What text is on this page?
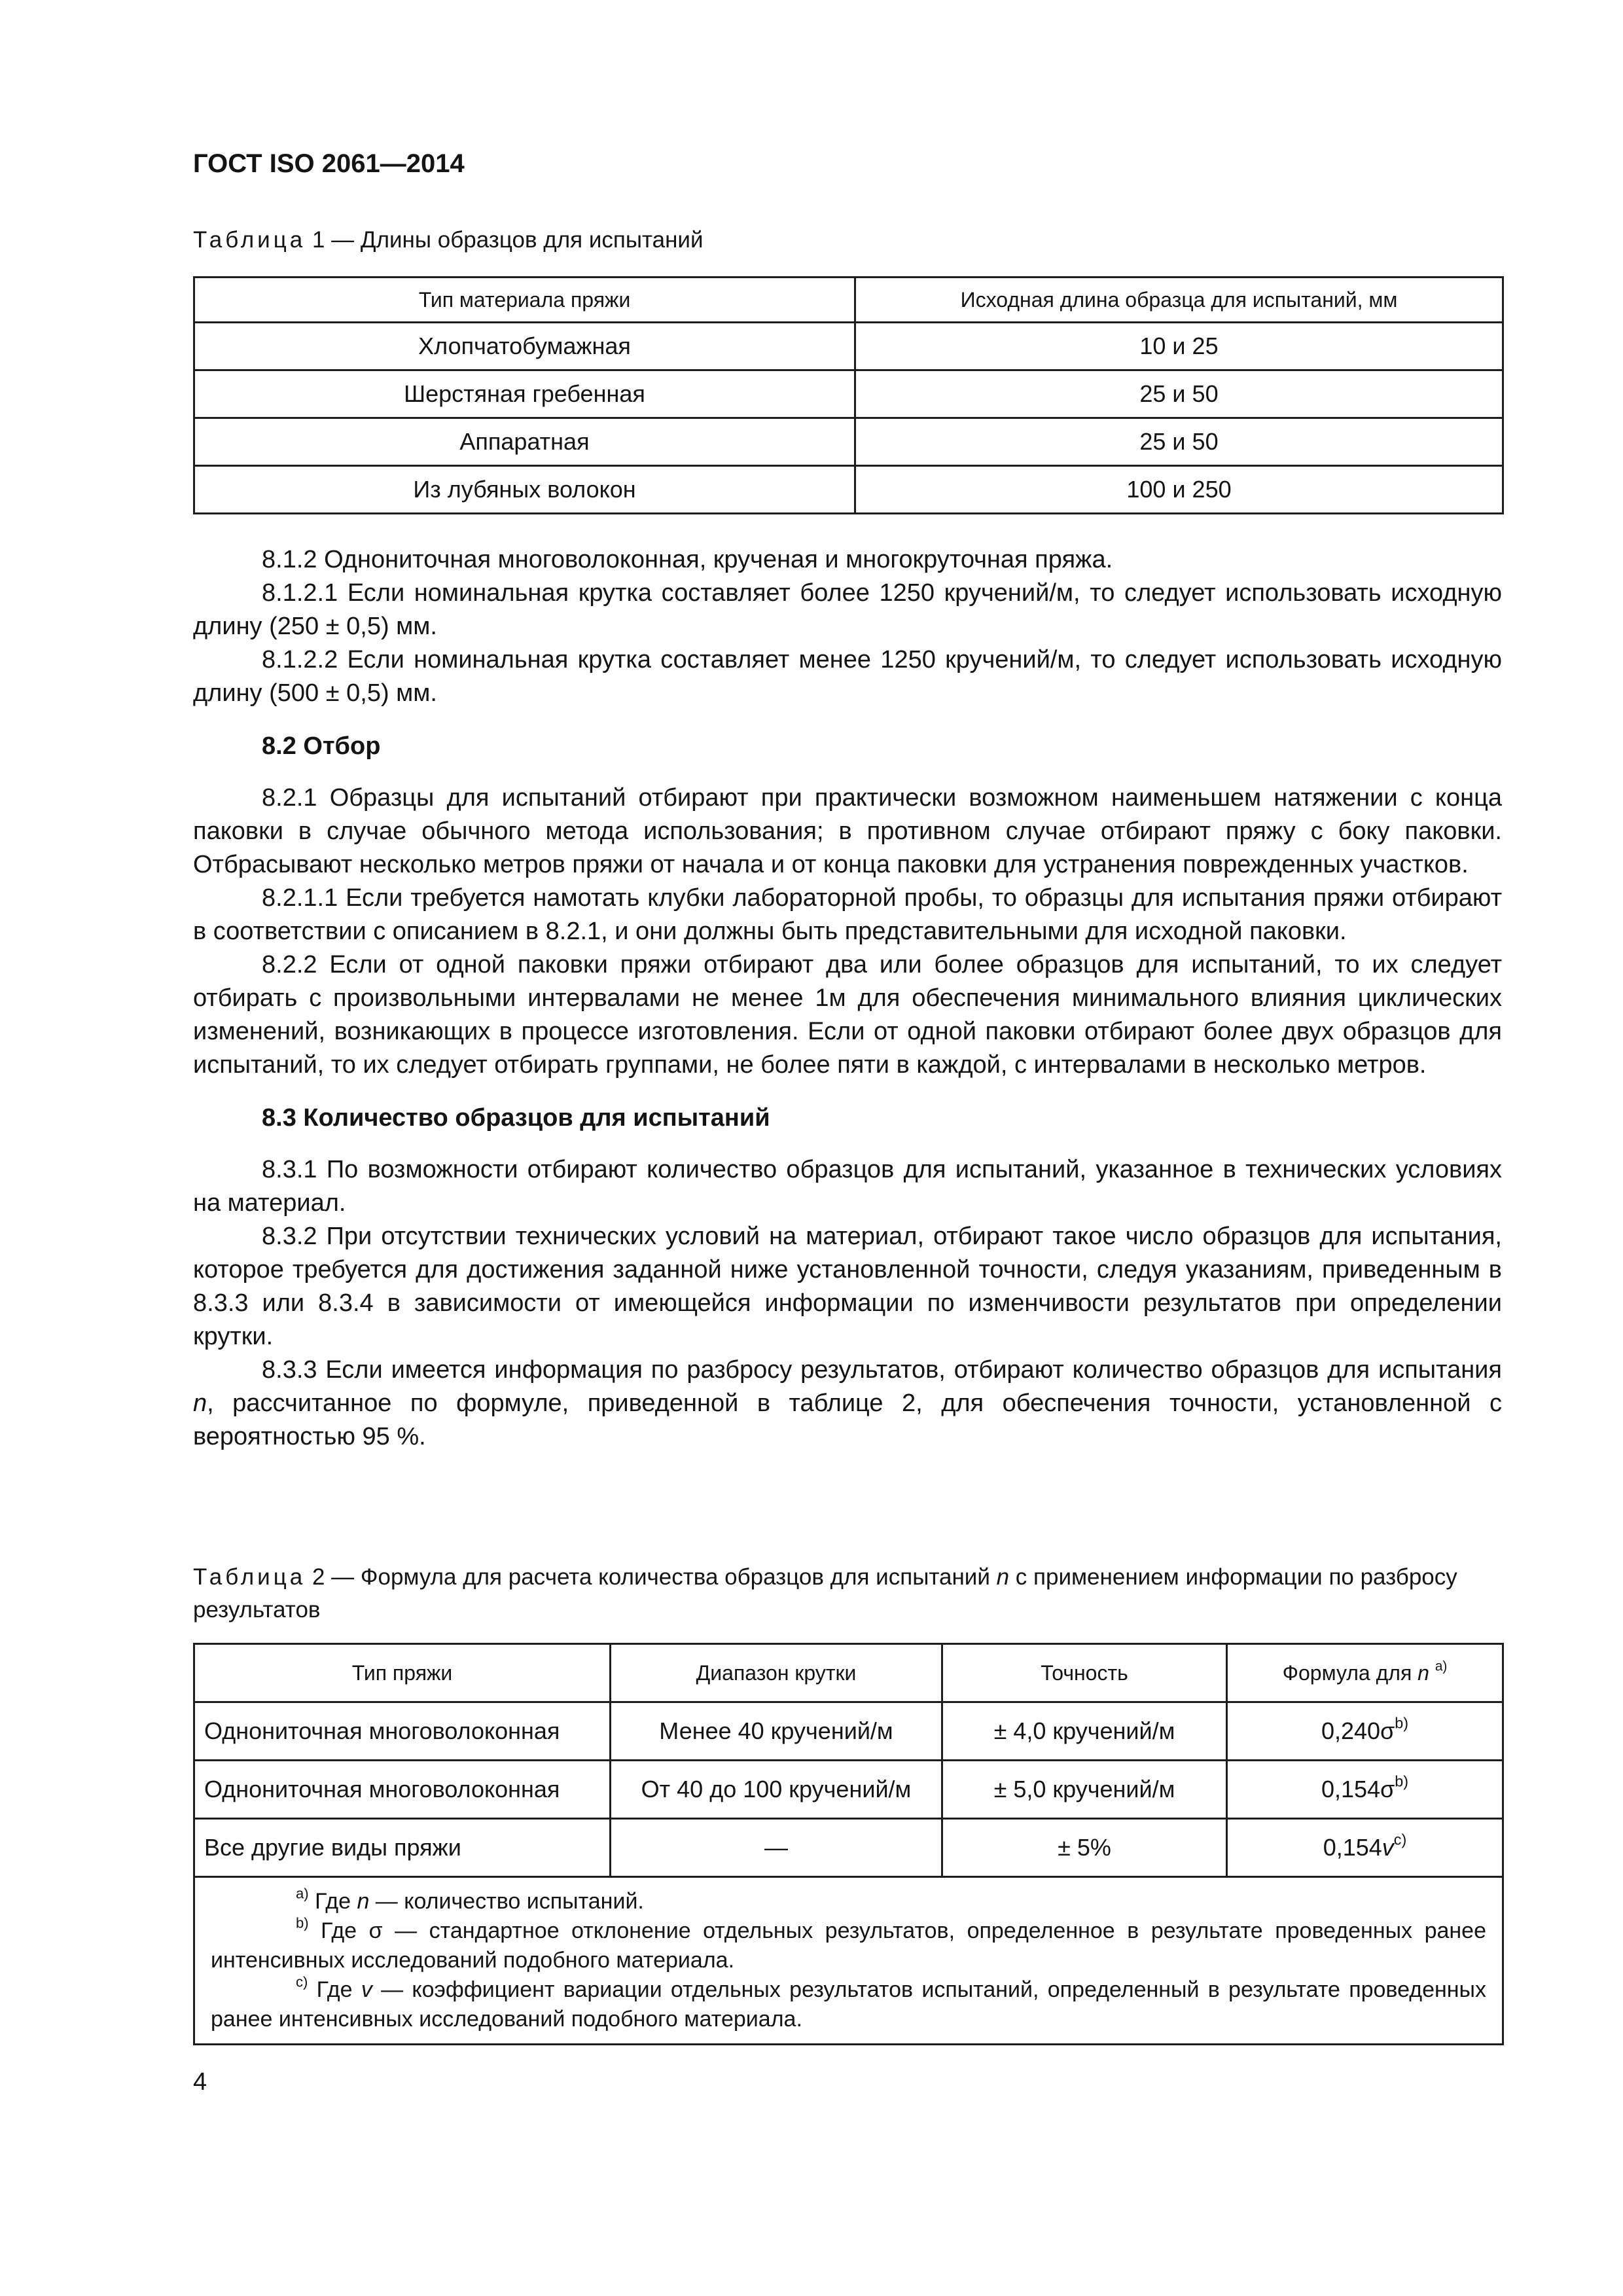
ГОСТ ISO 2061—2014
Таблица 1 — Длины образцов для испытаний
Тип материала пряжи	Исходная длина образца для испытаний, мм
Хлопчатобумажная	10 и 25
Шерстяная гребенная	25 и 50
Аппаратная	25 и 50
Из лубяных волокон	100 и 250

8.1.2 Однониточная многоволоконная, крученая и многокруточная пряжа.

8.1.2.1 Если номинальная крутка составляет более 1250 кручений/м, то следует использовать исходную длину (250 ± 0,5) мм.

8.1.2.2 Если номинальная крутка составляет менее 1250 кручений/м, то следует использовать исходную длину (500 ± 0,5) мм.

8.2 Отбор

8.2.1 Образцы для испытаний отбирают при практически возможном наименьшем натяжении с конца паковки в случае обычного метода использования; в противном случае отбирают пряжу с боку паковки. Отбрасывают несколько метров пряжи от начала и от конца паковки для устранения поврежденных участков.

8.2.1.1 Если требуется намотать клубки лабораторной пробы, то образцы для испытания пряжи отбирают в соответствии с описанием в 8.2.1, и они должны быть представительными для исходной паковки.

8.2.2 Если от одной паковки пряжи отбирают два или более образцов для испытаний, то их следует отбирать с произвольными интервалами не менее 1м для обеспечения минимального влияния циклических изменений, возникающих в процессе изготовления. Если от одной паковки отбирают более двух образцов для испытаний, то их следует отбирать группами, не более пяти в каждой, с интервалами в несколько метров.

8.3 Количество образцов для испытаний

8.3.1 По возможности отбирают количество образцов для испытаний, указанное в технических условиях на материал.

8.3.2 При отсутствии технических условий на материал, отбирают такое число образцов для испытания, которое требуется для достижения заданной ниже установленной точности, следуя указаниям, приведенным в 8.3.3 или 8.3.4 в зависимости от имеющейся информации по изменчивости результатов при определении крутки.

8.3.3 Если имеется информация по разбросу результатов, отбирают количество образцов для испытания n, рассчитанное по формуле, приведенной в таблице 2, для обеспечения точности, установленной с вероятностью 95 %.

Таблица 2 — Формула для расчета количества образцов для испытаний n с применением информации по разбросу результатов
Тип пряжи	Диапазон крутки	Точность	Формула для n $^{a)}$
Однониточная многоволоконная	Менее 40 кручений/м	± 4,0 кручений/м	$0,240\sigma^{b)}$
Однониточная многоволоконная	От 40 до 100 кручений/м	± 5,0 кручений/м	$0,154\sigma^{b)}$
Все другие виды пряжи	—	± 5%	$0,154v^{c)}$

$^{a)}$ Где n — количество испытаний.

$^{b)}$ Где σ — стандартное отклонение отдельных результатов, определенное в результате проведенных ранее интенсивных исследований подобного материала.

$^{c)}$ Где v — коэффициент вариации отдельных результатов испытаний, определенный в результате проведенных ранее интенсивных исследований подобного материала.			

4
